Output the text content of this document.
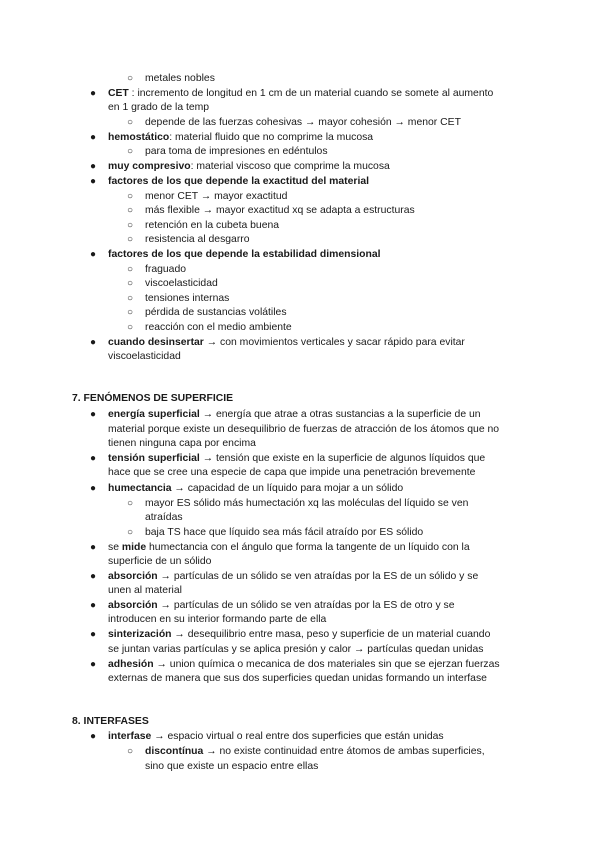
○ metales nobles
● CET : incremento de longitud en 1 cm de un material cuando se somete al aumento
en 1 grado de la temp
○ depende de las fuerzas cohesivas → mayor cohesión → menor CET
● hemostático: material fluido que no comprime la mucosa
○ para toma de impresiones en edéntulos
● muy compresivo: material viscoso que comprime la mucosa
● factores de los que depende la exactitud del material
○ menor CET → mayor exactitud
○ más flexible → mayor exactitud xq se adapta a estructuras
○ retención en la cubeta buena
○ resistencia al desgarro
● factores de los que depende la estabilidad dimensional
○ fraguado
○ viscoelasticidad
○ tensiones internas
○ pérdida de sustancias volátiles
○ reacción con el medio ambiente
● cuando desinsertar → con movimientos verticales y sacar rápido para evitar
viscoelasticidad
7. FENÓMENOS DE SUPERFICIE
● energía superficial → energía que atrae a otras sustancias a la superficie de un
material porque existe un desequilibrio de fuerzas de atracción de los átomos que no
tienen ninguna capa por encima
● tensión superficial → tensión que existe en la superficie de algunos líquidos que
hace que se cree una especie de capa que impide una penetración brevemente
● humectancia → capacidad de un líquido para mojar a un sólido
○ mayor ES sólido más humectación xq las moléculas del líquido se ven
atraídas
○ baja TS hace que líquido sea más fácil atraído por ES sólido
● se mide humectancia con el ángulo que forma la tangente de un líquido con la
superficie de un sólido
● absorción → partículas de un sólido se ven atraídas por la ES de un sólido y se
unen al material
● absorción → partículas de un sólido se ven atraídas por la ES de otro y se
introducen en su interior formando parte de ella
● sinterización → desequilibrio entre masa, peso y superficie de un material cuando
se juntan varias partículas y se aplica presión y calor → partículas quedan unidas
● adhesión → union química o mecanica de dos materiales sin que se ejerzan fuerzas
externas de manera que sus dos superficies quedan unidas formando un interfase
8. INTERFASES
● interfase → espacio virtual o real entre dos superficies que están unidas
○ discontínua → no existe continuidad entre átomos de ambas superficies,
sino que existe un espacio entre ellas
